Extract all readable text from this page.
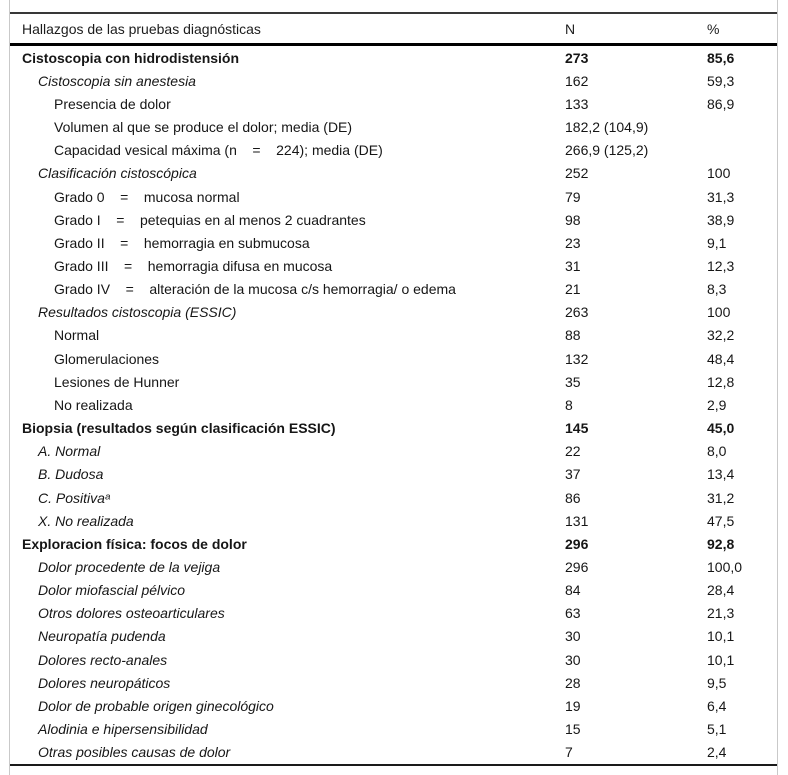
Hallazgos de las pruebas diagnósticas	N	%
Cistoscopia con hidrodistensión	273	85,6
Cistoscopia sin anestesia	162	59,3
Presencia de dolor	133	86,9
Volumen al que se produce el dolor; media (DE)	182,2 (104,9)
Capacidad vesical máxima (n    =    224); media (DE)	266,9 (125,2)
Clasificación cistoscópica	252	100
Grado 0    =    mucosa normal	79	31,3
Grado I    =    petequias en al menos 2 cuadrantes	98	38,9
Grado II    =    hemorragia en submucosa	23	9,1
Grado III    =    hemorragia difusa en mucosa	31	12,3
Grado IV    =    alteración de la mucosa c/s hemorragia/ o edema	21	8,3
Resultados cistoscopia (ESSIC)	263	100
Normal	88	32,2
Glomerulaciones	132	48,4
Lesiones de Hunner	35	12,8
No realizada	8	2,9
Biopsia (resultados según clasificación ESSIC)	145	45,0
A. Normal	22	8,0
B. Dudosa	37	13,4
C. Positivaᵃ	86	31,2
X. No realizada	131	47,5
Exploracion física: focos de dolor	296	92,8
Dolor procedente de la vejiga	296	100,0
Dolor miofascial pélvico	84	28,4
Otros dolores osteoarticulares	63	21,3
Neuropatía pudenda	30	10,1
Dolores recto-anales	30	10,1
Dolores neuropáticos	28	9,5
Dolor de probable origen ginecológico	19	6,4
Alodinia e hipersensibilidad	15	5,1
Otras posibles causas de dolor	7	2,4
